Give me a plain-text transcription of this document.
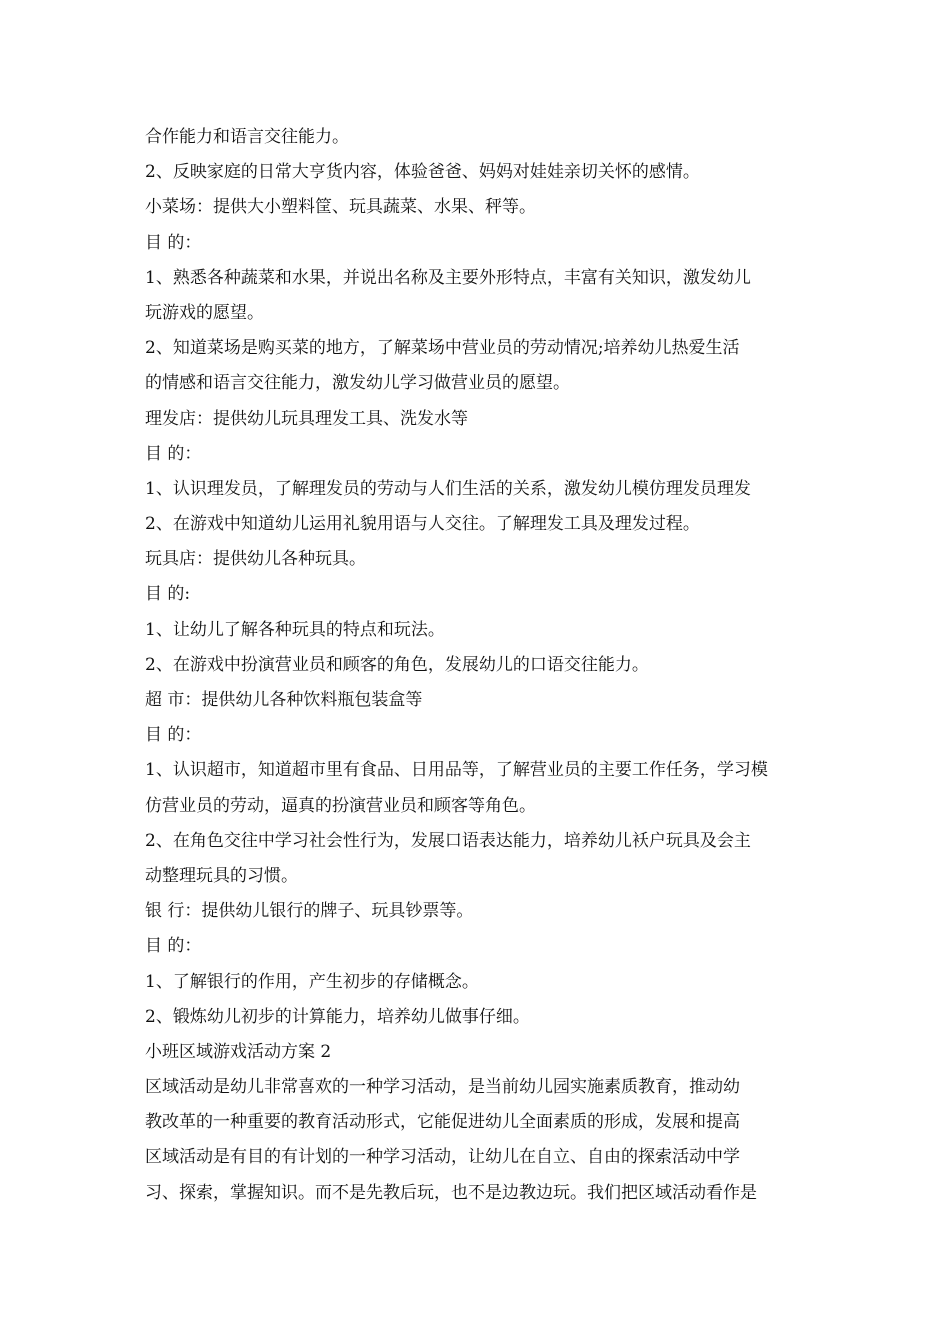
合作能力和语言交往能力。
2、反映家庭的日常大亨货内容，体验爸爸、妈妈对娃娃亲切关怀的感情。
小菜场：提供大小塑料筐、玩具蔬菜、水果、秤等。
目 的：
1、熟悉各种蔬菜和水果，并说出名称及主要外形特点，丰富有关知识，激发幼儿
玩游戏的愿望。
2、知道菜场是购买菜的地方，了解菜场中营业员的劳动情况;培养幼儿热爱生活
的情感和语言交往能力，激发幼儿学习做营业员的愿望。
理发店：提供幼儿玩具理发工具、洗发水等
目 的：
1、认识理发员，了解理发员的劳动与人们生活的关系，激发幼儿模仿理发员理发
2、在游戏中知道幼儿运用礼貌用语与人交往。了解理发工具及理发过程。
玩具店：提供幼儿各种玩具。
目 的:
1、让幼儿了解各种玩具的特点和玩法。
2、在游戏中扮演营业员和顾客的角色，发展幼儿的口语交往能力。
超 市：提供幼儿各种饮料瓶包装盒等
目 的：
1、认识超市，知道超市里有食品、日用品等，了解营业员的主要工作任务，学习模
仿营业员的劳动，逼真的扮演营业员和顾客等角色。
2、在角色交往中学习社会性行为，发展口语表达能力，培养幼儿袄户玩具及会主
动整理玩具的习惯。
银 行：提供幼儿银行的牌子、玩具钞票等。
目 的：
1、了解银行的作用，产生初步的存储概念。
2、锻炼幼儿初步的计算能力，培养幼儿做事仔细。
小班区域游戏活动方案 2
区域活动是幼儿非常喜欢的一种学习活动，是当前幼儿园实施素质教育，推动幼
教改革的一种重要的教育活动形式，它能促进幼儿全面素质的形成，发展和提高
区域活动是有目的有计划的一种学习活动，让幼儿在自立、自由的探索活动中学
习、探索，掌握知识。而不是先教后玩，也不是边教边玩。我们把区域活动看作是
